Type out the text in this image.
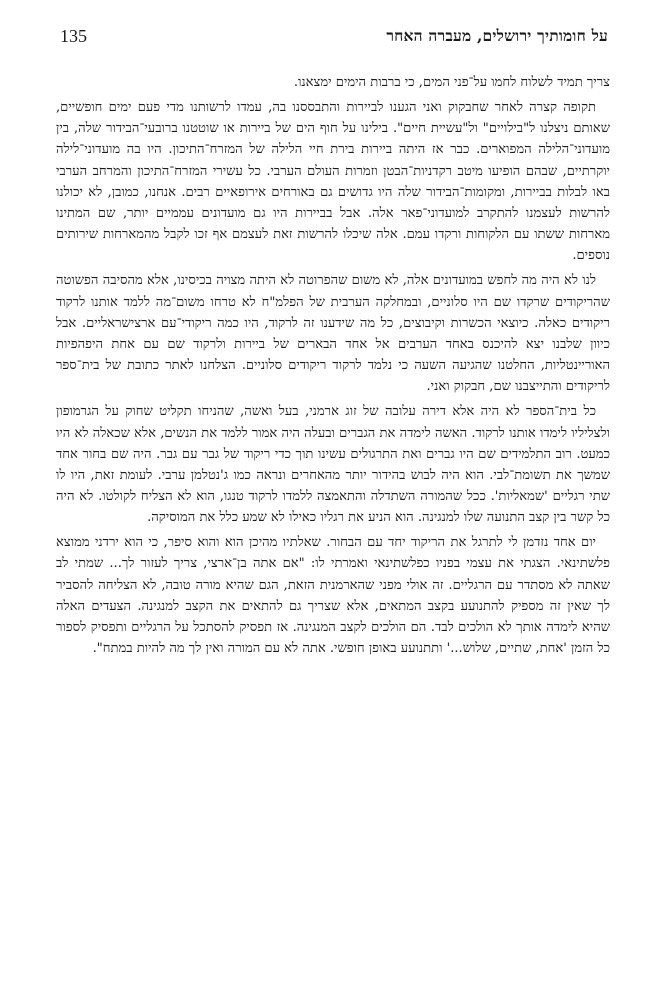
על חומותיך ירושלים, מעברה האחר
135

צריך תמיד לשלוח לחמו על־פני המים, כי ברבות הימים ימצאנו.

תקופה קצרה לאחר שחבקוק ואני הגענו לביירות והתבססנו בה, עמדו לרשותנו מדי פעם ימים חופשיים, שאותם ניצלנו ל"בילויים" ול"עשיית חיים". בילינו על חוף הים של ביירות או שוטטנו ברובעי־הבידור שלה, בין מועדוני־הלילה המפוארים. כבר אז היתה ביירות בירת חיי הלילה של המזרח־התיכון. היו בה מועדוני־לילה יוקרתיים, שבהם הופיעו מיטב רקדניות־הבטן וזמרות העולם הערבי. כל עשירי המזרח־התיכון והמרחב הערבי באו לבלות בביירות, ומקומות־הבידור שלה היו גדושים גם באורחים אירופאיים רבים. אנחנו, כמובן, לא יכולנו להרשות לעצמנו להתקרב למועדוני־פאר אלה. אבל בביירות היו גם מועדונים עממיים יותר, שם המתינו מארחות ששתו עם הלקוחות ורקדו עמם. אלה שיכלו להרשות זאת לעצמם אף זכו לקבל מהמארחות שירותים נוספים.

לנו לא היה מה לחפש במועדונים אלה, לא משום שהפרוטה לא היתה מצויה בכיסינו, אלא מהסיבה הפשוטה שהריקודים שרקדו שם היו סלוניים, ובמחלקה הערבית של הפלמ"ח לא טרחו משום־מה ללמד אותנו לרקוד ריקודים כאלה. כיוצאי הכשרות וקיבוצים, כל מה שידענו זה לרקוד, היו כמה ריקודי־עם ארצישראליים. אבל כיוון שלבנו יצא להיכנס באחד הערבים אל אחד הבארים של ביירות ולרקוד שם עם אחת היפהפיות האוריינטליות, החלטנו שהגיעה השעה כי נלמד לרקוד ריקודים סלוניים. הצלחנו לאתר כתובת של בית־ספר לריקודים והתייצבנו שם, חבקוק ואני.

כל בית־הספר לא היה אלא דירה עלובה של זוג ארמני, בעל ואשה, שהניחו תקליט שחוק על הגרמופון ולצליליו לימדו אותנו לרקוד. האשה לימדה את הגברים ובעלה היה אמור ללמד את הנשים, אלא שכאלה לא היו כמעט. רוב התלמידים שם היו גברים ואת התרגולים עשינו תוך כדי ריקוד של גבר עם גבר. היה שם בחור אחד שמשך את תשומת־לבי. הוא היה לבוש בהידור יותר מהאחרים ונראה כמו ג'נטלמן ערבי. לעומת זאת, היו לו שתי רגליים 'שמאליות'. ככל שהמורה השתדלה והתאמצה ללמדו לרקוד טנגו, הוא לא הצליח לקולטו. לא היה כל קשר בין קצב התנועה שלו למנגינה. הוא הניע את רגליו כאילו לא שמע כלל את המוסיקה.

יום אחד נזדמן לי לתרגל את הריקוד יחד עם הבחור. שאלתיו מהיכן הוא והוא סיפר, כי הוא ירדני ממוצא פלשתינאי. הצגתי את עצמי בפניו כפלשתינאי ואמרתי לו: "אם אתה בן־ארצי, צריך לעזור לך... שמתי לב שאתה לא מסתדר עם הרגליים. זה אולי מפני שהארמנית הזאת, הגם שהיא מורה טובה, לא הצליחה להסביר לך שאין זה מספיק להתנועע בקצב המתאים, אלא שצריך גם להתאים את הקצב למנגינה. הצעדים האלה שהיא לימדה אותך לא הולכים לבד. הם הולכים לקצב המנגינה. אז תפסיק להסתכל על הרגליים ותפסיק לספור כל הזמן 'אחת, שתיים, שלוש...' ותתנועע באופן חופשי. אתה לא עם המורה ואין לך מה להיות במתח".
